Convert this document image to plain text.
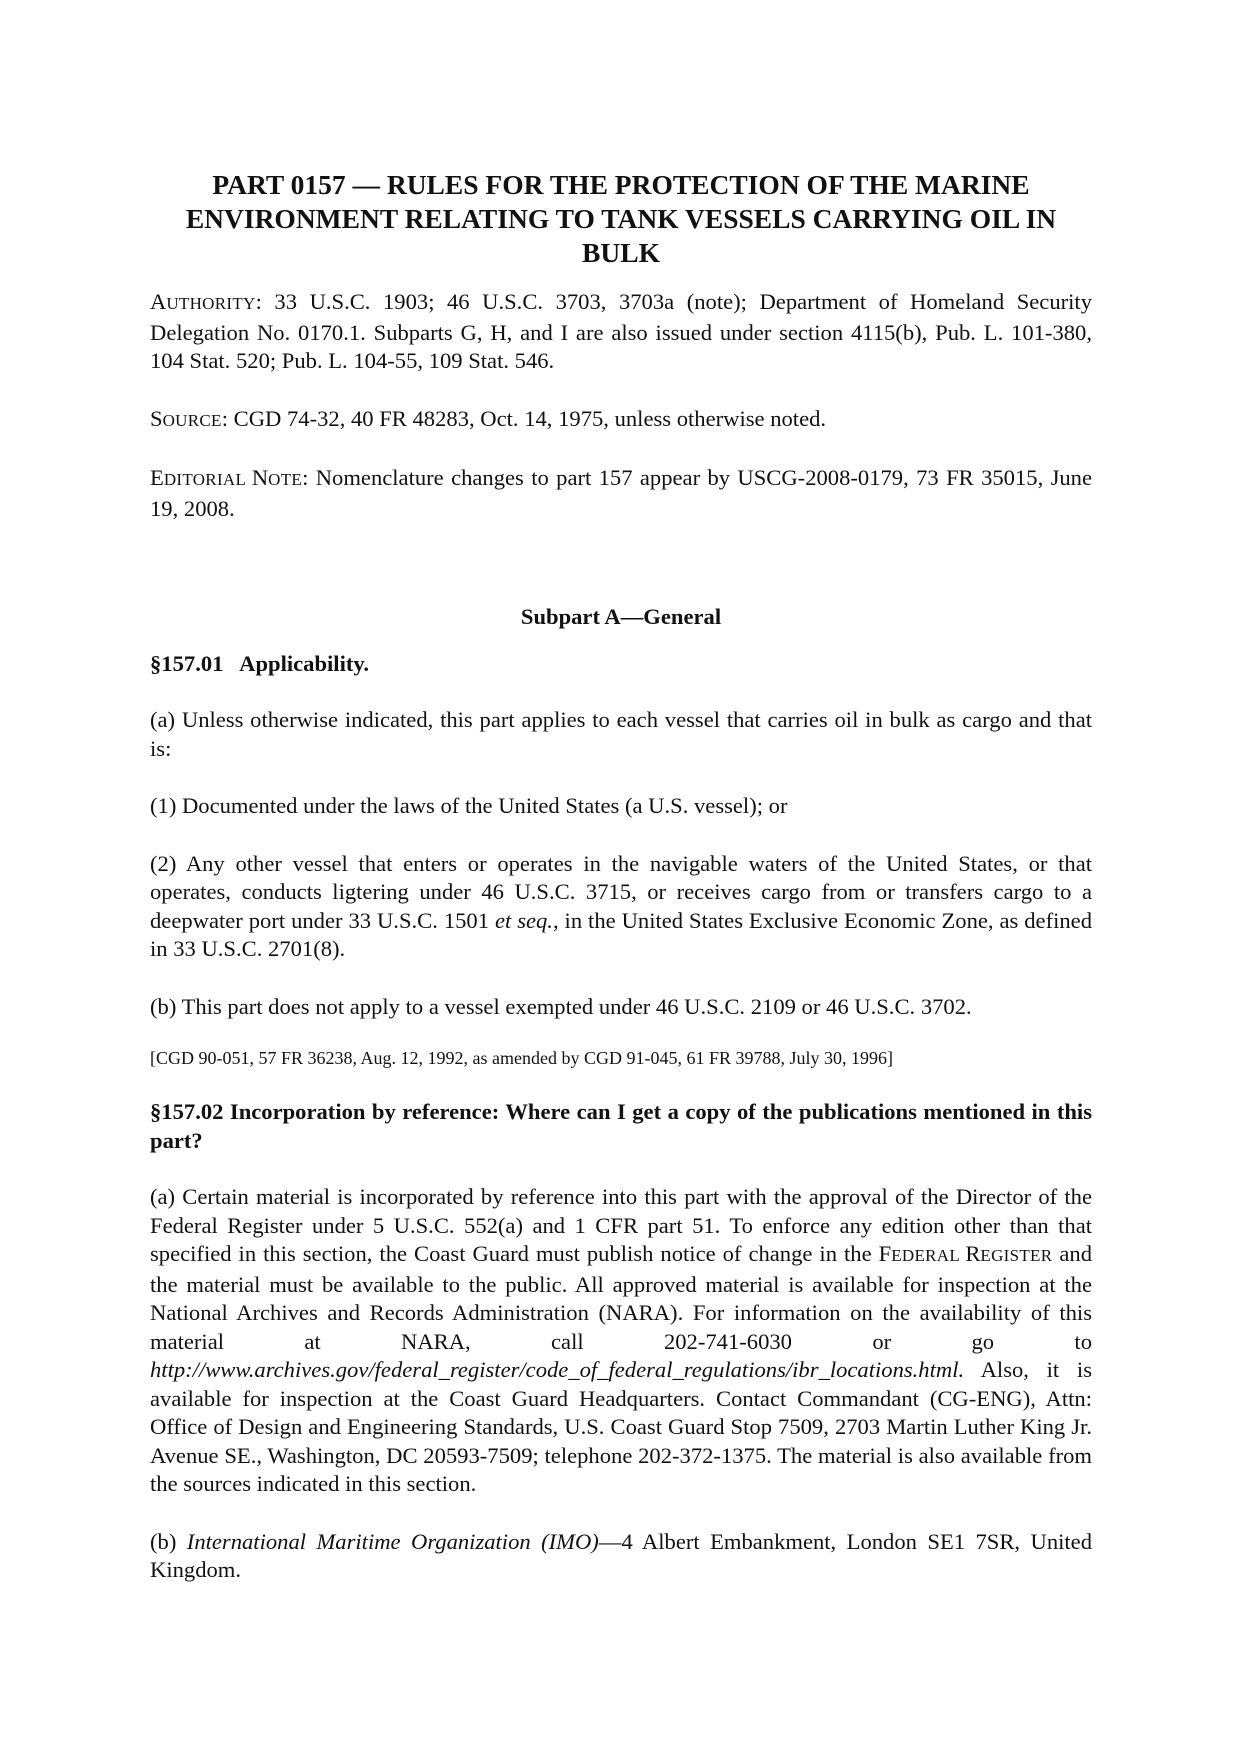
PART 0157 — RULES FOR THE PROTECTION OF THE MARINE
ENVIRONMENT RELATING TO TANK VESSELS CARRYING OIL IN
BULK

AUTHORITY: 33 U.S.C. 1903; 46 U.S.C. 3703, 3703a (note); Department of Homeland Security Delegation No. 0170.1. Subparts G, H, and I are also issued under section 4115(b), Pub. L. 101-380, 104 Stat. 520; Pub. L. 104-55, 109 Stat. 546.

SOURCE: CGD 74-32, 40 FR 48283, Oct. 14, 1975, unless otherwise noted.

EDITORIAL NOTE: Nomenclature changes to part 157 appear by USCG-2008-0179, 73 FR 35015, June 19, 2008.

Subpart A—General
§157.01   Applicability.

(a) Unless otherwise indicated, this part applies to each vessel that carries oil in bulk as cargo and that is:

(1) Documented under the laws of the United States (a U.S. vessel); or

(2) Any other vessel that enters or operates in the navigable waters of the United States, or that operates, conducts ligtering under 46 U.S.C. 3715, or receives cargo from or transfers cargo to a deepwater port under 33 U.S.C. 1501 et seq., in the United States Exclusive Economic Zone, as defined in 33 U.S.C. 2701(8).

(b) This part does not apply to a vessel exempted under 46 U.S.C. 2109 or 46 U.S.C. 3702.

[CGD 90-051, 57 FR 36238, Aug. 12, 1992, as amended by CGD 91-045, 61 FR 39788, July 30, 1996]

§157.02 Incorporation by reference: Where can I get a copy of the publications mentioned in this part?

(a) Certain material is incorporated by reference into this part with the approval of the Director of the Federal Register under 5 U.S.C. 552(a) and 1 CFR part 51. To enforce any edition other than that specified in this section, the Coast Guard must publish notice of change in the FEDERAL REGISTER and the material must be available to the public. All approved material is available for inspection at the National Archives and Records Administration (NARA). For information on the availability of this material at NARA, call 202-741-6030 or go to http://www.archives.gov/federal_register/code_of_federal_regulations/ibr_locations.html. Also, it is available for inspection at the Coast Guard Headquarters. Contact Commandant (CG-ENG), Attn: Office of Design and Engineering Standards, U.S. Coast Guard Stop 7509, 2703 Martin Luther King Jr. Avenue SE., Washington, DC 20593-7509; telephone 202-372-1375. The material is also available from the sources indicated in this section.

(b) International Maritime Organization (IMO)—4 Albert Embankment, London SE1 7SR, United Kingdom.
